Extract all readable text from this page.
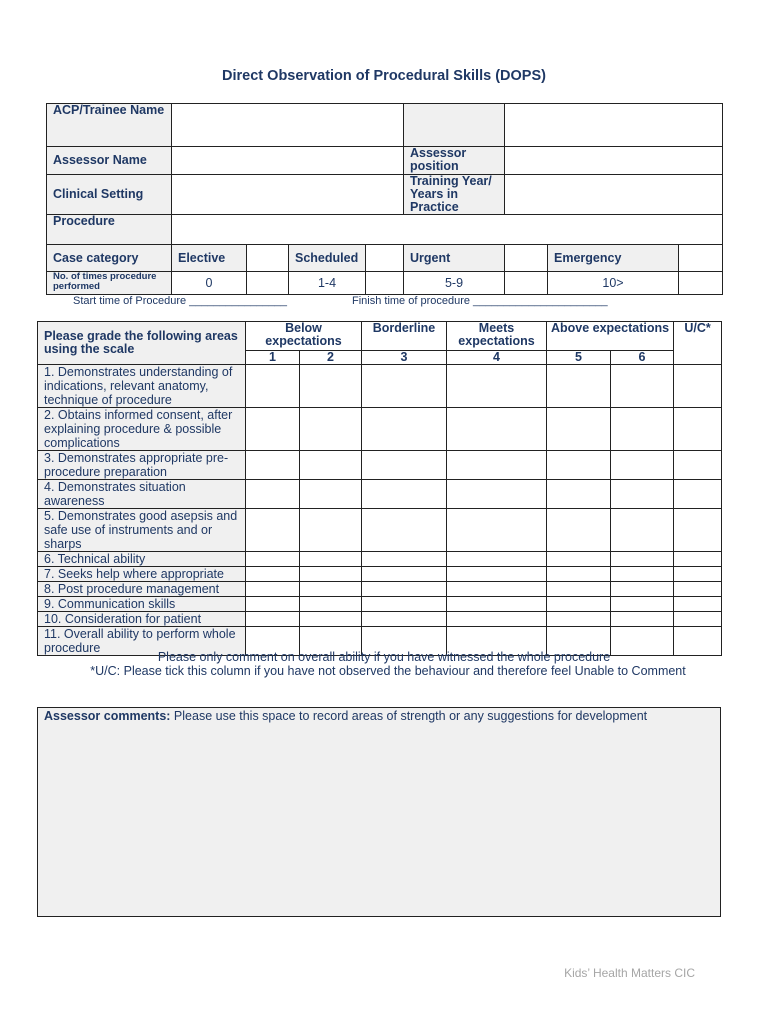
Direct Observation of Procedural Skills (DOPS)
ACP/Trainee Name								
Assessor Name					Assessor position			
Clinical Setting					Training Year/ Years in Practice			
Procedure								
Case category	Elective		Scheduled		Urgent		Emergency	
No. of times procedure performed	0		1-4		5-9		10>	
Start time of Procedure ________________	Finish time of procedure ______________________
Please grade the following areas using the scale	Below expectations		Borderline	Meets expectations	Above expectations		U/C*
	1	2	3	4	5	6	
1. Demonstrates understanding of indications, relevant anatomy, technique of procedure							
2. Obtains informed consent, after explaining procedure & possible complications							
3. Demonstrates appropriate pre-procedure preparation							
4. Demonstrates situation awareness							
5. Demonstrates good asepsis and safe use of instruments and or sharps							
6. Technical ability							
7. Seeks help where appropriate							
8. Post procedure management							
9. Communication skills							
10. Consideration for patient							
11. Overall ability to perform whole procedure							
Please only comment on overall ability if you have witnessed the whole procedure
*U/C: Please tick this column if you have not observed the behaviour and therefore feel Unable to Comment
Assessor comments: Please use this space to record areas of strength or any suggestions for development
Kids’ Health Matters CIC
